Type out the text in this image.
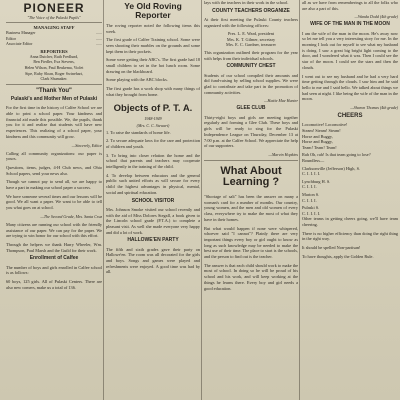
PIONEER
"The Voice of the Pulaski Pupils"
MANAGING STAFF
Business Manager	......
Editor	......
Associate Editor	......
REPORTERS
Anna Dutcher, Ruth Fredlund,
Ben Fiedler, Eva Stevens,
Helen Wilson, Paul Beukema, Violet
Sipe, Ruby Sloan, Roger Swinehart,
Clark Shumaker.
"Thank You"
Pulaski's and Mother Men of Pulaski

For the first time in the history of Calfee School we are able to print a school paper. Your kindness and financial aid made this possible. We, the pupils, thank you for it and realize that students will have new experiences. This realizing of a school paper, your kindness and this community will grow.

—Sincerely, Editor

Calling all community organizations: our paper is yours.

Questions, items, judges, 4-H Club news, and Ohio School papers, send your news also.

Though we cannot pay to send all, we are happy to have a part in making our school paper a success.

We have someone several times and our lessons will be good. We all want a paper. We want to be able to tell you what goes on at school.

—The Second Grade, Mrs. Santa Cruz

Many citizens are running our school with the friendly assistance of our paper. We can pay for the paper. We are trying to win honor for our school with this effort.

Through the helpers we thank Harry Wheeler, Wm. Thompson, Paul Marsh and the Guild for their work.

Enrollment of Calfee

The number of boys and girls enrolled in Calfee school is as follows:

60 boys, 125 girls. All of Pulaski Centers. There are also new comers, make us a total of 136.

Ye Old Roving Reporter

The roving reporter noted the following items this week.

The first grade of Calfee Training school. Some were seen shooting their marbles on the grounds and some kept them in their pockets.

Some were getting their ABC's. The first grade had 18 small children to set in the hot lunch room. Some drawing on the blackboard.

Some playing with the ABC blocks.

The first grade has a work shop with many things of what they brought from home.

Objects of P. T. A.
1948-1949
(Mrs. C. C. Stewart)

1. To raise the standards of home life.

2. To secure adequate laws for the care and protection of children and youth.

3. To bring into closer relation the home and the school that parents and teachers may cooperate intelligently in the training of the child.

4. To develop between educators and the general public such united efforts as will secure for every child the highest advantages in physical, mental, social and spiritual education.

SCHOOL VISITOR

Mrs. Johnson Smoke visited our school recently and with the aid of Miss Dolores Stegall, a book given to the Lincoln school grade (P.T.A.) to complete a pleasant visit. As well she made everyone very happy and did a lot of work.

HALLOWE'EN PARTY

The fifth and sixth grades gave their party on Hallowe'en. The room was all decorated for the girls and boys. Songs and games were played and refreshments were enjoyed. A good time was had by all.

lays with the teachers in their work in the school.

COUNTY TEACHERS ORGANIZE

At their first meeting the Pulaski County teachers organized with the following officers:

Pres. L. E. Ward, president
Mrs. K. T. Gilmer, secretary
Mrs. E. C. Gardner, treasurer

This organization outlined their program for the year with helps from their individual schools.

COMMUNITY CHEST

Students of our school compiled their amounts and did fund-raising by selling school supplies. We were glad to contribute and take part in the promotion of community activities.

—Hattie Mae Hunter
GLEE CLUB

Thirty-eight boys and girls are meeting together regularly and forming a Glee Club. These boys and girls will be ready to sing for the Pulaski Independence League on Thursday, December 13 at 7:00 p.m. at the Calfee School. We appreciate the help of our supporters.

—Marvin Hopkins
What About Learning ?

"Shortage of salt" has been the answer on many a woman's card for a number of months. Our country, young women, and the men and old women of every class, everywhere try to make the most of what they have in their homes.

But what would happen if none were whispered, whoever said "I cannot"? Plainly there are very important things every boy or girl ought to know as long as such knowledge may be needed to make the best use of their time. The place to start is the schools, and the person to find out is the teacher.

The answer is that each child should work to make the most of school. In doing so he will be proud of his school and his work, and will keep working at the things he learns there. Every boy and girl needs a good education.

all as we have from rememberings to all the folks who are also a part of this.

—Wanda Dodd (4th grade)
WIFE OF THE MAN IN THE MOON

I am the wife of the man in the moon. He's away now so let me tell you a very interesting story for me. In the morning I look out for myself to see what my husband is doing. I saw a great big bright light coming to the door, and I wondered what it was. Then I could see the star of the moon. I could see the stars and then the clouds.

I went out to see my husband and he had a very hard time getting through the clouds. I saw him and he said hello to me and I said hello. We talked about things we had seen at night. I like being the wife of the man in the moon.

—Sharon Thomas (4th grade)
CHEERS
Locomotive! Locomotive!
Steam! Steam! Steam!
Horse and Buggy,
Horse and Buggy,
Team! Team! Team!
Rah Oh, rah! Is that team going to lose?
Boundless—
Clarksonville (Jefferson) High, S.
C. I. I. I. I.
Lynchburg H. S.
C. I. I. I.
Marion S.
C. I. I. I.
Pulaski S.
C. I. I. I. I.

Other teams in getting cheers going, we'll have team cheering.

There is no higher efficiency than doing the right thing in the right way.

It should be spelled Non-partisan!

To have thoughts, apply the Golden Rule.
